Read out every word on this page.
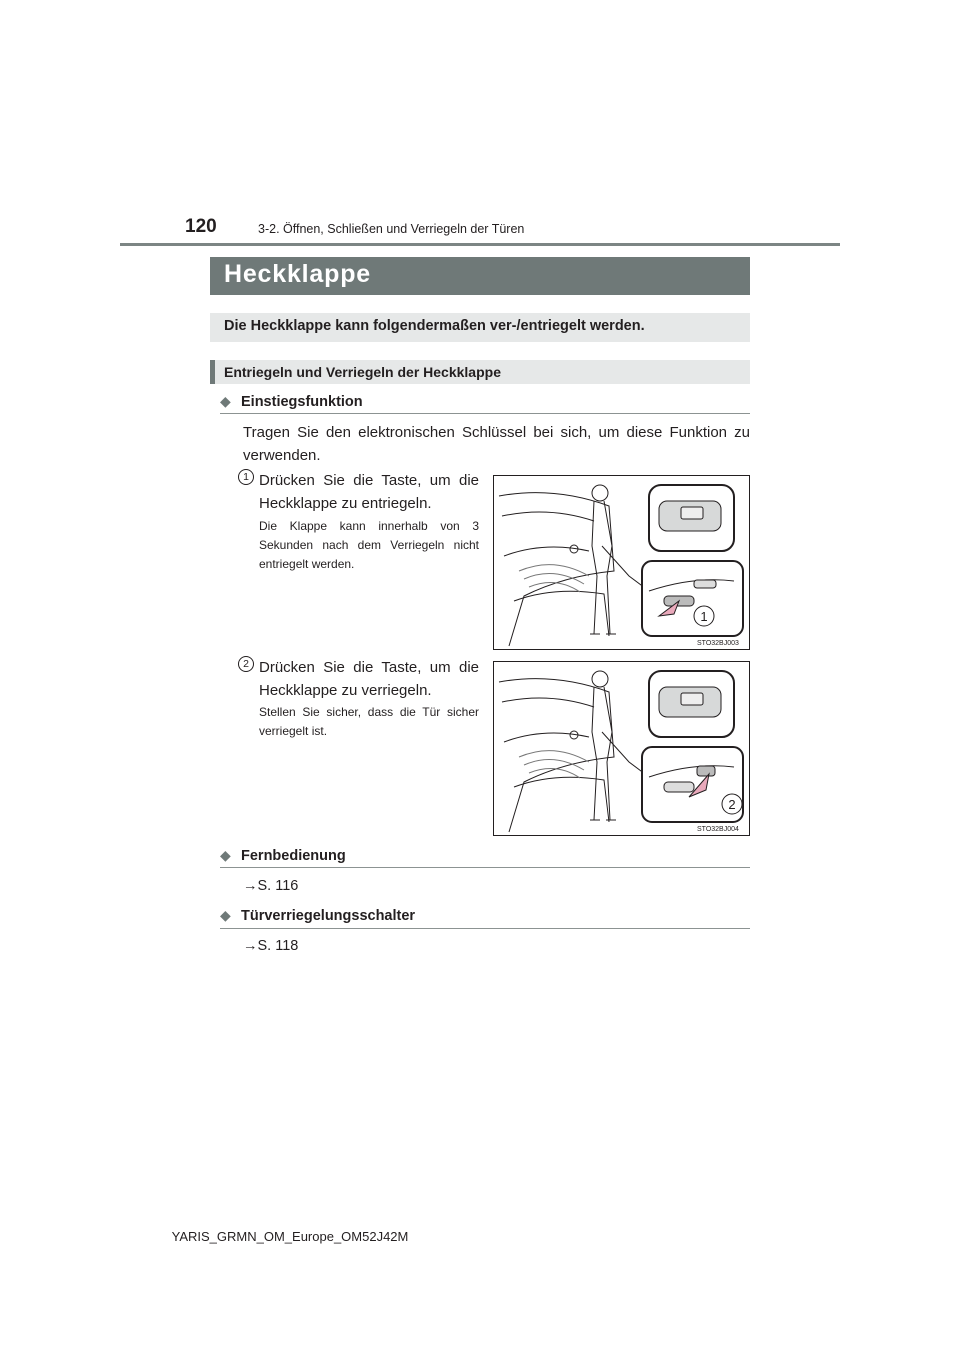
120	3-2. Öffnen, Schließen und Verriegeln der Türen
Heckklappe
Die Heckklappe kann folgendermaßen ver-/entriegelt werden.
Entriegeln und Verriegeln der Heckklappe
◆ Einstiegsfunktion
Tragen Sie den elektronischen Schlüssel bei sich, um diese Funktion zu verwenden.
1 Drücken Sie die Taste, um die Heckklappe zu entriegeln.
Die Klappe kann innerhalb von 3 Sekunden nach dem Verriegeln nicht entriegelt werden.
1
STO32BJ003
2 Drücken Sie die Taste, um die Heckklappe zu verriegeln.
Stellen Sie sicher, dass die Tür sicher verriegelt ist.
2
STO32BJ004
◆ Fernbedienung
→S. 116
◆ Türverriegelungsschalter
→S. 118
YARIS_GRMN_OM_Europe_OM52J42M
